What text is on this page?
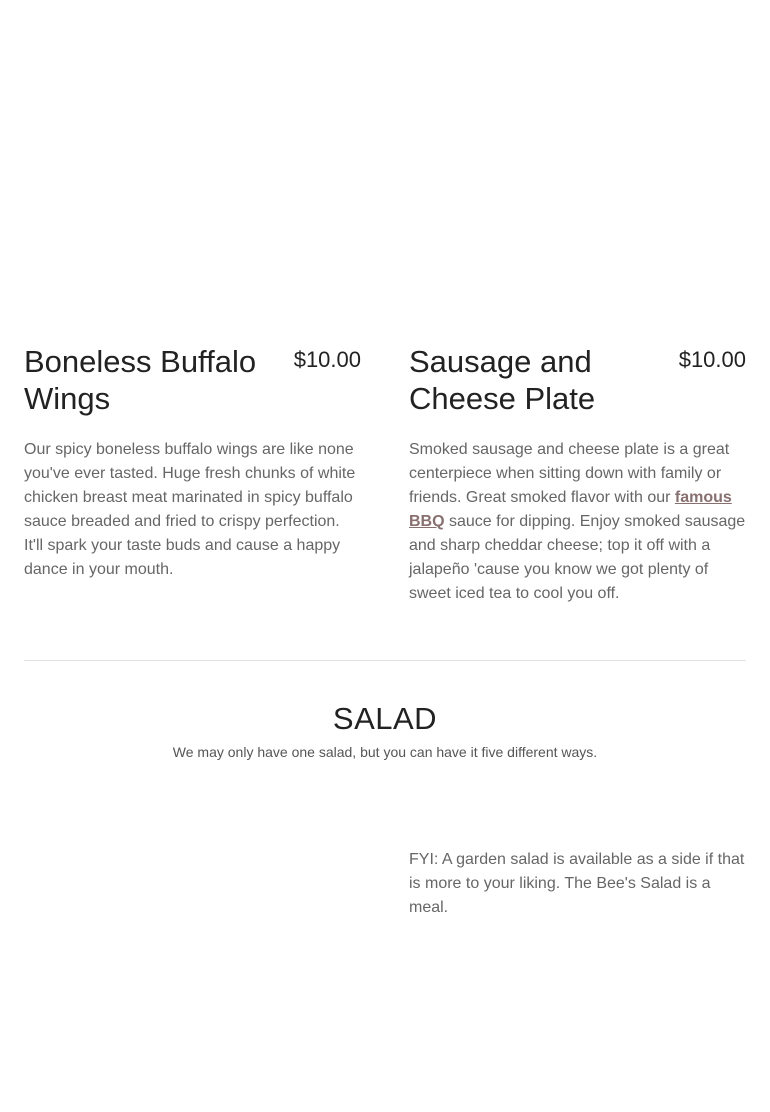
Boneless Buffalo Wings
$10.00
Our spicy boneless buffalo wings are like none you've ever tasted. Huge fresh chunks of white chicken breast meat marinated in spicy buffalo sauce breaded and fried to crispy perfection. It'll spark your taste buds and cause a happy dance in your mouth.
Sausage and Cheese Plate
$10.00
Smoked sausage and cheese plate is a great centerpiece when sitting down with family or friends. Great smoked flavor with our famous BBQ sauce for dipping. Enjoy smoked sausage and sharp cheddar cheese; top it off with a jalapeño 'cause you know we got plenty of sweet iced tea to cool you off.
SALAD
We may only have one salad, but you can have it five different ways.
FYI: A garden salad is available as a side if that is more to your liking. The Bee's Salad is a meal.
